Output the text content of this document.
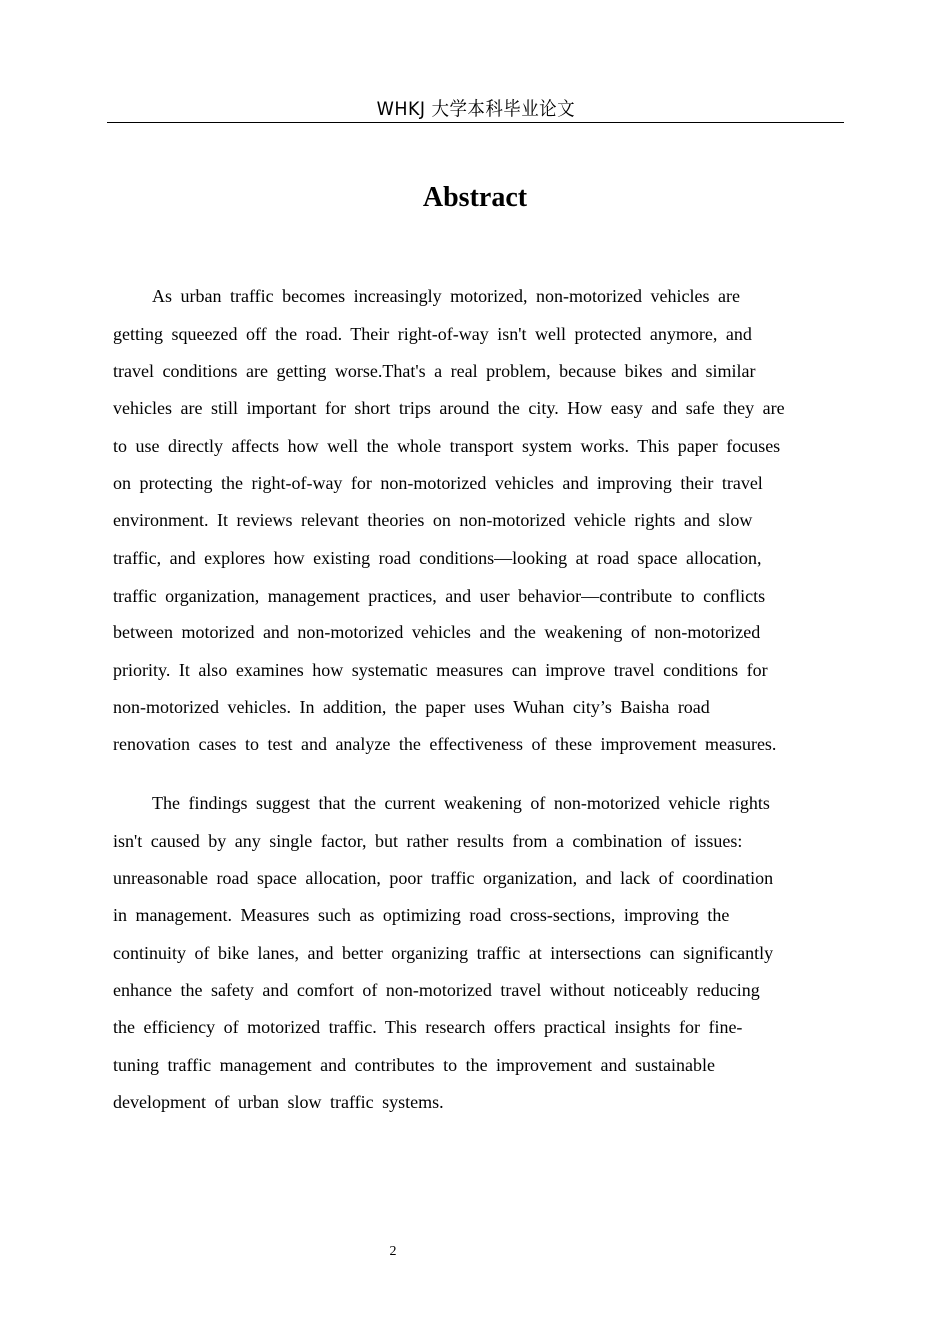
WHKJ 大学本科毕业论文
Abstract
As urban traffic becomes increasingly motorized, non-motorized vehicles are
getting squeezed off the road. Their right-of-way isn't well protected anymore, and
travel conditions are getting worse.That's a real problem, because bikes and similar
vehicles are still important for short trips around the city. How easy and safe they are
to use directly affects how well the whole transport system works. This paper focuses
on protecting the right-of-way for non-motorized vehicles and improving their travel
environment. It reviews relevant theories on non-motorized vehicle rights and slow
traffic, and explores how existing road conditions—looking at road space allocation,
traffic organization, management practices, and user behavior—contribute to conflicts
between motorized and non-motorized vehicles and the weakening of non-motorized
priority. It also examines how systematic measures can improve travel conditions for
non-motorized vehicles. In addition, the paper uses Wuhan city’s Baisha road
renovation cases to test and analyze the effectiveness of these improvement measures.
The findings suggest that the current weakening of non-motorized vehicle rights
isn't caused by any single factor, but rather results from a combination of issues:
unreasonable road space allocation, poor traffic organization, and lack of coordination
in management. Measures such as optimizing road cross-sections, improving the
continuity of bike lanes, and better organizing traffic at intersections can significantly
enhance the safety and comfort of non-motorized travel without noticeably reducing
the efficiency of motorized traffic. This research offers practical insights for fine-
tuning traffic management and contributes to the improvement and sustainable
development of urban slow traffic systems.
2
